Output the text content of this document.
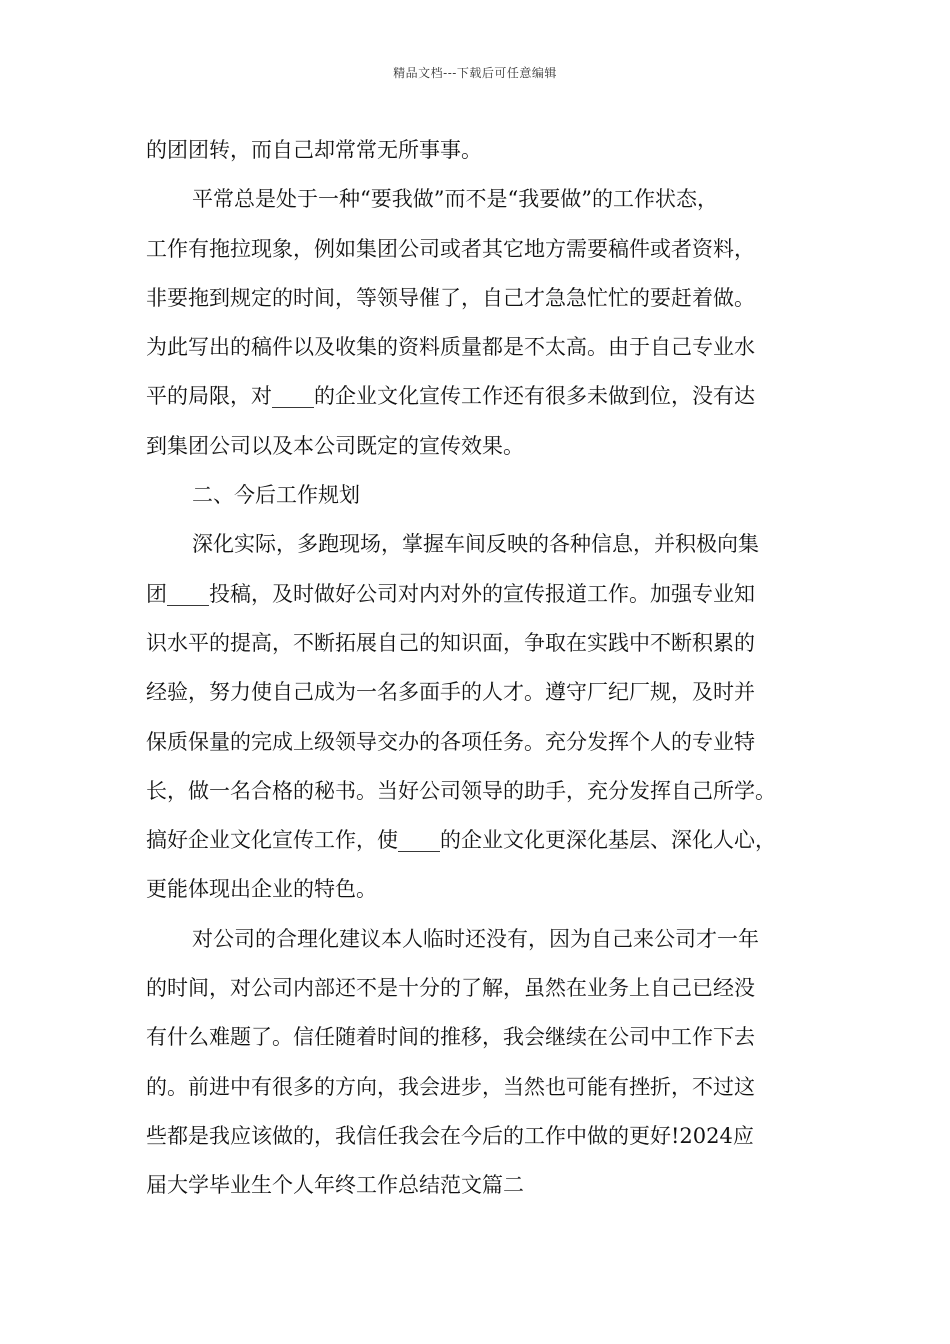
精品文档---下载后可任意编辑
的团团转，而自己却常常无所事事。
平常总是处于一种“要我做”而不是“我要做”的工作状态，
工作有拖拉现象，例如集团公司或者其它地方需要稿件或者资料，
非要拖到规定的时间，等领导催了，自己才急急忙忙的要赶着做。
为此写出的稿件以及收集的资料质量都是不太高。由于自己专业水
平的局限，对____的企业文化宣传工作还有很多未做到位，没有达
到集团公司以及本公司既定的宣传效果。
二、今后工作规划
深化实际，多跑现场，掌握车间反映的各种信息，并积极向集
团____投稿，及时做好公司对内对外的宣传报道工作。加强专业知
识水平的提高，不断拓展自己的知识面，争取在实践中不断积累的
经验，努力使自己成为一名多面手的人才。遵守厂纪厂规，及时并
保质保量的完成上级领导交办的各项任务。充分发挥个人的专业特
长，做一名合格的秘书。当好公司领导的助手，充分发挥自己所学。
搞好企业文化宣传工作，使____的企业文化更深化基层、深化人心，
更能体现出企业的特色。
对公司的合理化建议本人临时还没有，因为自己来公司才一年
的时间，对公司内部还不是十分的了解，虽然在业务上自己已经没
有什么难题了。信任随着时间的推移，我会继续在公司中工作下去
的。前进中有很多的方向，我会进步，当然也可能有挫折，不过这
些都是我应该做的，我信任我会在今后的工作中做的更好!2024应
届大学毕业生个人年终工作总结范文篇二
